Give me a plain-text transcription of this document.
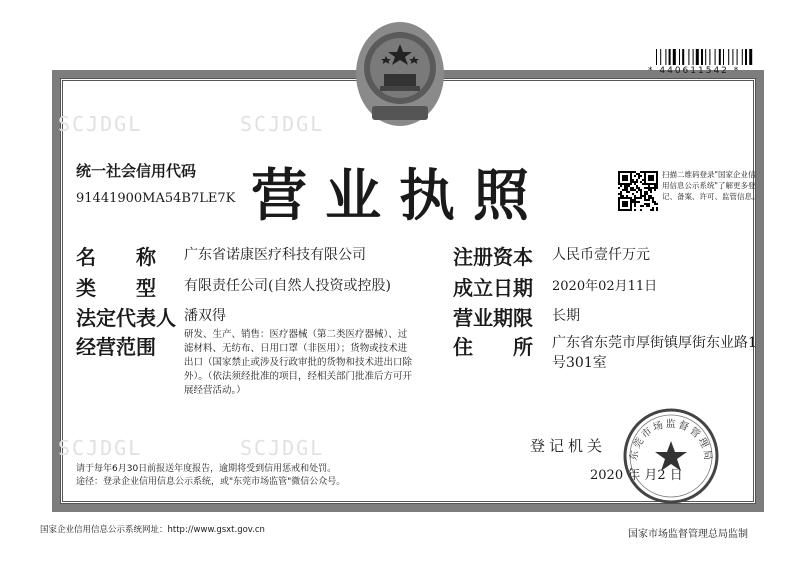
SCJDGL	SCJDGL
SCJDGL	SCJDGL
* 440611542 *
统一社会信用代码
91441900MA54B7LE7K 营业执照	扫描二维码登录"国家企业信用信息公示系统"了解更多登记、备案、许可、监管信息。
名　　称	广东省诺康医疗科技有限公司
类　　型	有限责任公司(自然人投资或控股)
法定代表人 潘双得
经营范围
研发、生产、销售：医疗器械（第二类医疗器械）、过滤材料、无纺布、日用口罩（非医用）；货物或技术进出口（国家禁止或涉及行政审批的货物和技术进出口除外）。（依法须经批准的项目，经相关部门批准后方可开展经营活动。）
注册资本 人民币壹仟万元
成立日期 2020年02月11日
营业期限 长期
住　　所 广东省东莞市厚街镇厚街东业路1号301室
登记机关
2020 年 月2 日
东莞市场监督管理局
请于每年6月30日前报送年度报告，逾期将受到信用惩戒和处罚。
途径：登录企业信用信息公示系统，或"东莞市场监管"微信公众号。
国家企业信用信息公示系统网址：http://www.gsxt.gov.cn	国家市场监督管理总局监制
